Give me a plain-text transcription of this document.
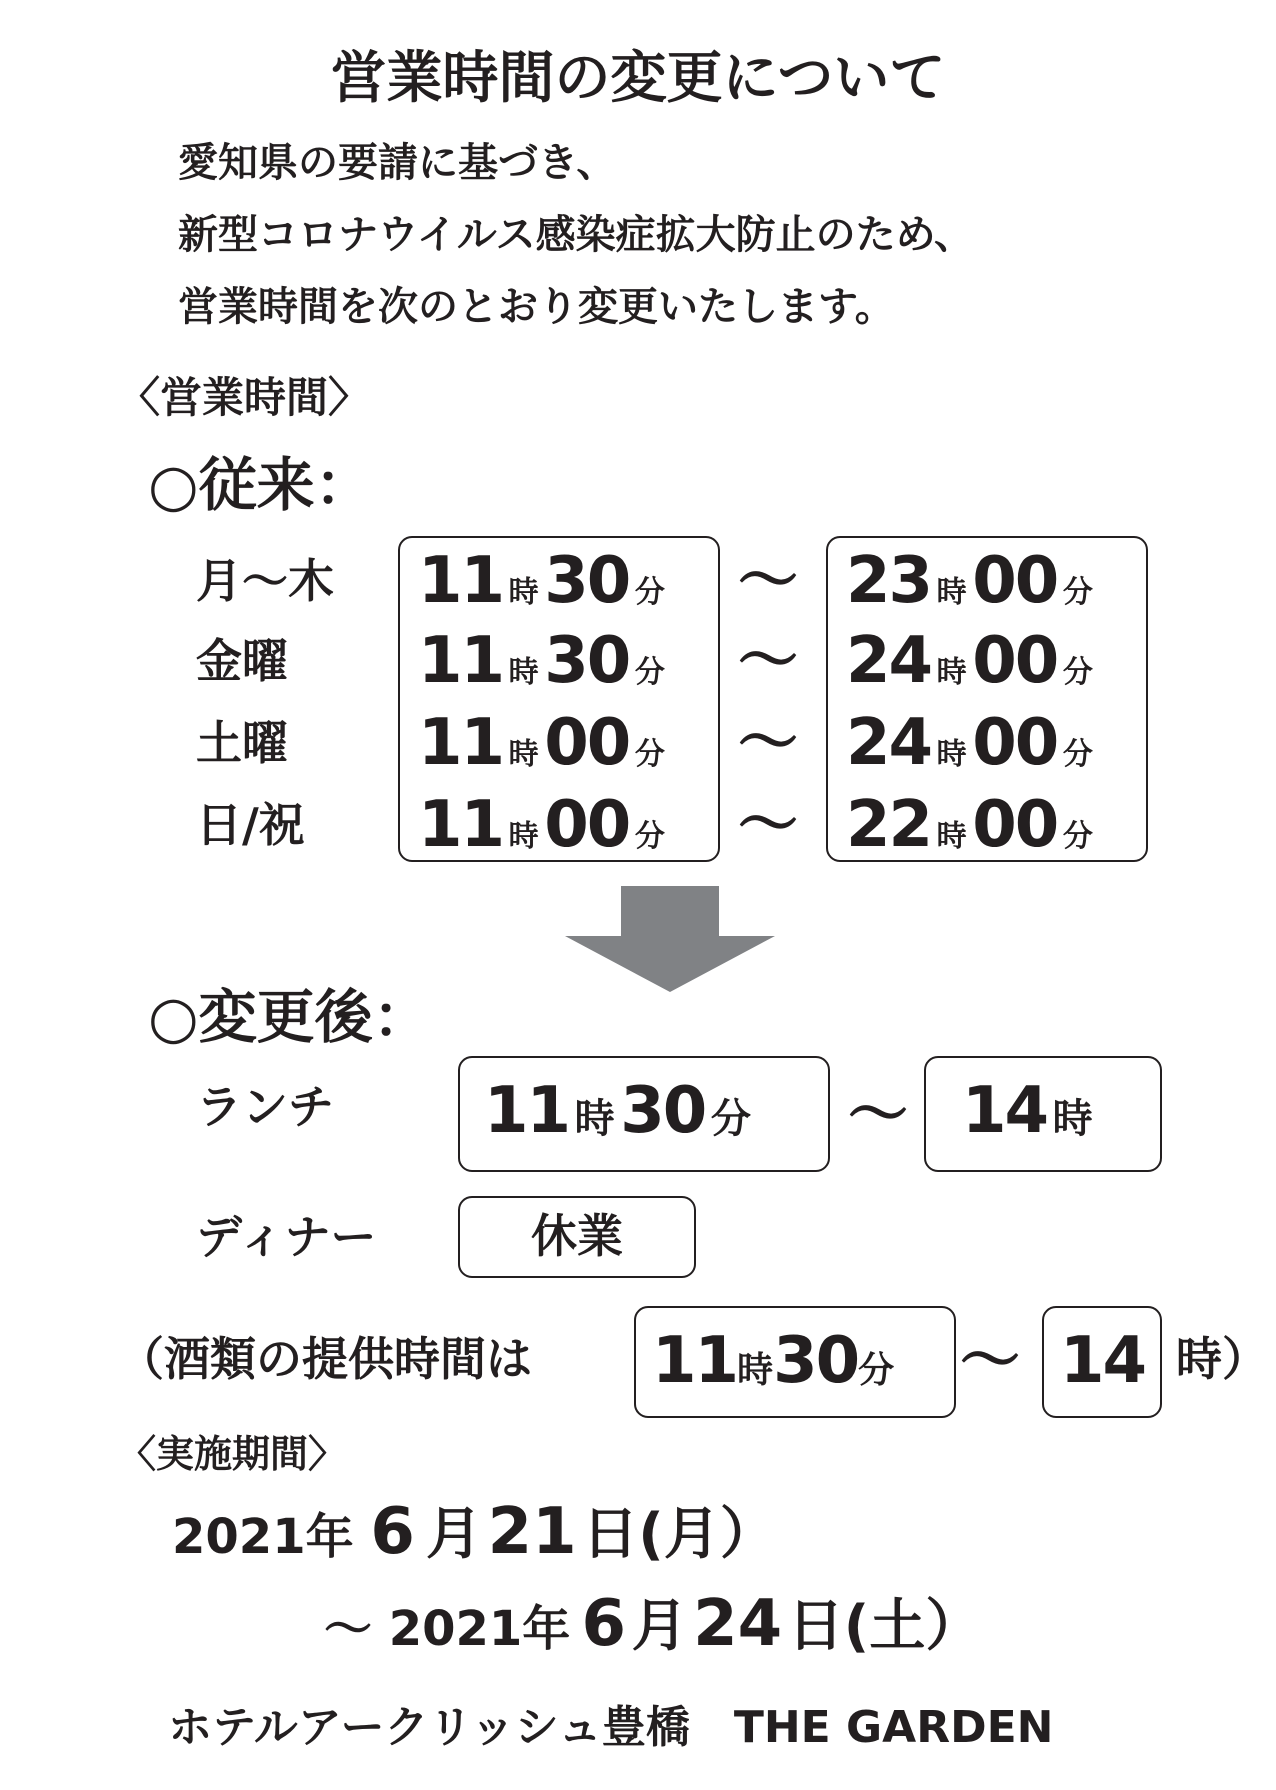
営業時間の変更について
愛知県の要請に基づき、
新型コロナウイルス感染症拡大防止のため、
営業時間を次のとおり変更いたします。
〈営業時間〉
○従来：
月～木
金曜
土曜
日/祝
11 時 30 分
11 時 30 分
11 時 00 分
11 時 00 分
～
～
～
～
23 時 00 分
24 時 00 分
24 時 00 分
22 時 00 分
○変更後：
ランチ 11 時 30 分 ～ 14 時
ディナー	休業
（酒類の提供時間は 11時30分 ～ 14 時）
〈実施期間〉
2021年 6 月 21 日(月）
～ 2021年 6 月 24 日(土）
ホテルアークリッシュ豊橋　THE GARDEN
